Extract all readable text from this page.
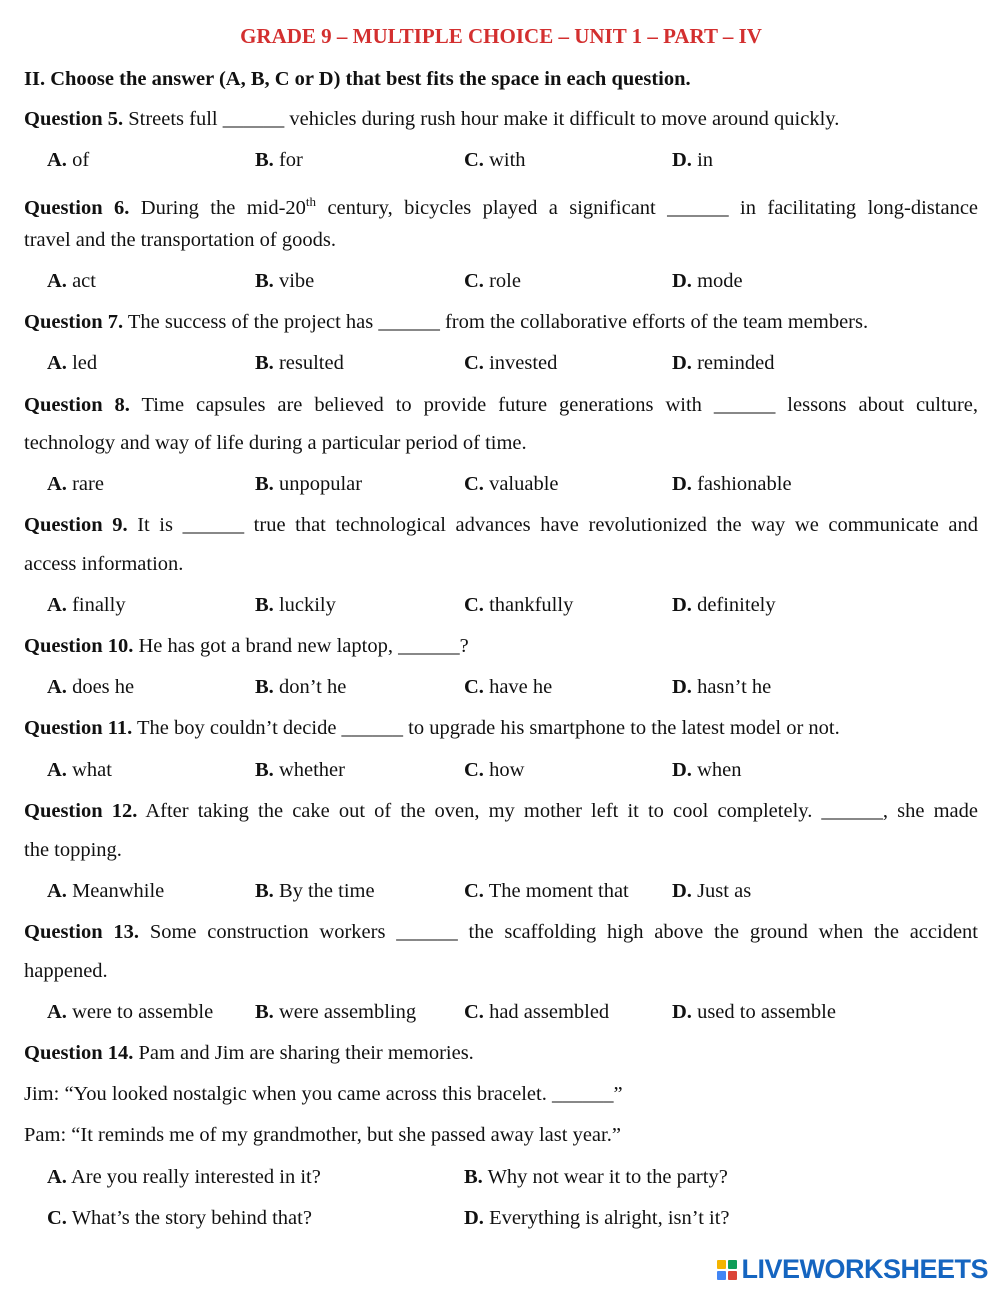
GRADE 9 – MULTIPLE CHOICE – UNIT 1 – PART – IV
II. Choose the answer (A, B, C or D) that best fits the space in each question.
Question 5. Streets full ______ vehicles during rush hour make it difficult to move around quickly.
A. of	B. for	C. with	D. in
Question 6. During the mid-20th century, bicycles played a significant ______ in facilitating long-distance
travel and the transportation of goods.
A. act	B. vibe	C. role	D. mode
Question 7. The success of the project has ______ from the collaborative efforts of the team members.
A. led	B. resulted	C. invested	D. reminded
Question 8. Time capsules are believed to provide future generations with ______ lessons about culture,
technology and way of life during a particular period of time.
A. rare	B. unpopular	C. valuable	D. fashionable
Question 9. It is ______ true that technological advances have revolutionized the way we communicate and
access information.
A. finally	B. luckily	C. thankfully	D. definitely
Question 10. He has got a brand new laptop, ______?
A. does he	B. don’t he	C. have he	D. hasn’t he
Question 11. The boy couldn’t decide ______ to upgrade his smartphone to the latest model or not.
A. what	B. whether	C. how	D. when
Question 12. After taking the cake out of the oven, my mother left it to cool completely. ______, she made
the topping.
A. Meanwhile	B. By the time	C. The moment that D. Just as
Question 13. Some construction workers ______ the scaffolding high above the ground when the accident
happened.
A. were to assemble B. were assembling C. had assembled	D. used to assemble
Question 14. Pam and Jim are sharing their memories.
Jim: “You looked nostalgic when you came across this bracelet. ______”
Pam: “It reminds me of my grandmother, but she passed away last year.”
A. Are you really interested in it?	B. Why not wear it to the party?
C. What’s the story behind that?	D. Everything is alright, isn’t it?
LIVEWORKSHEETS
